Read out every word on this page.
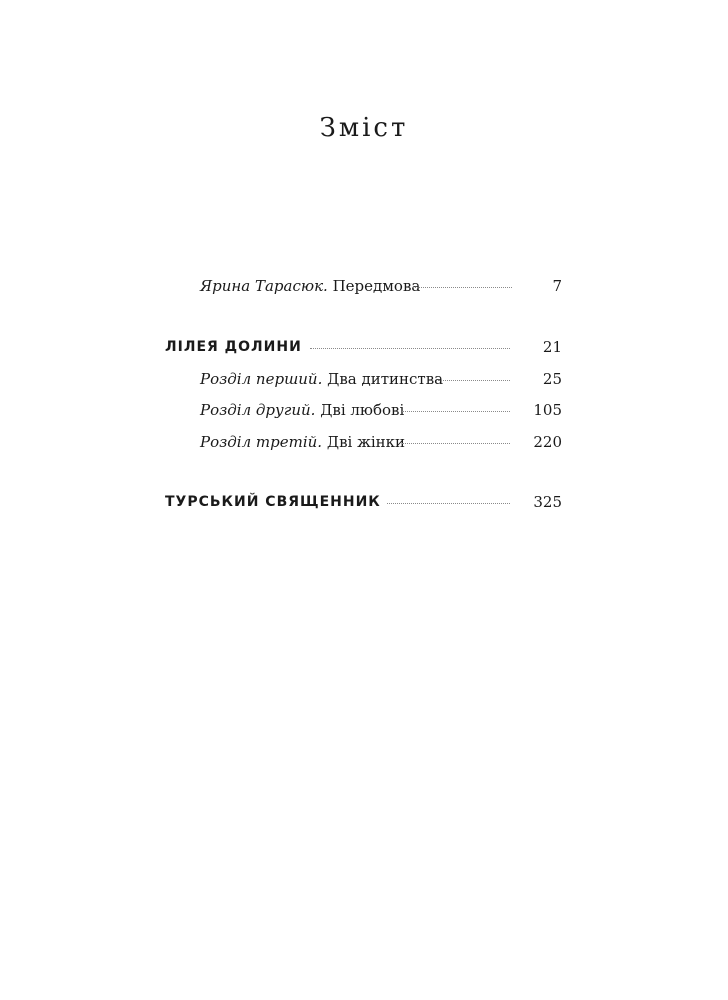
Зміст
Ярина Тарасюк. Передмова	7
ЛІЛЕЯ ДОЛИНИ	21
Розділ перший. Два дитинства	25
Розділ другий. Дві любові	105
Розділ третій. Дві жінки	220
ТУРСЬКИЙ СВЯЩЕННИК	325
